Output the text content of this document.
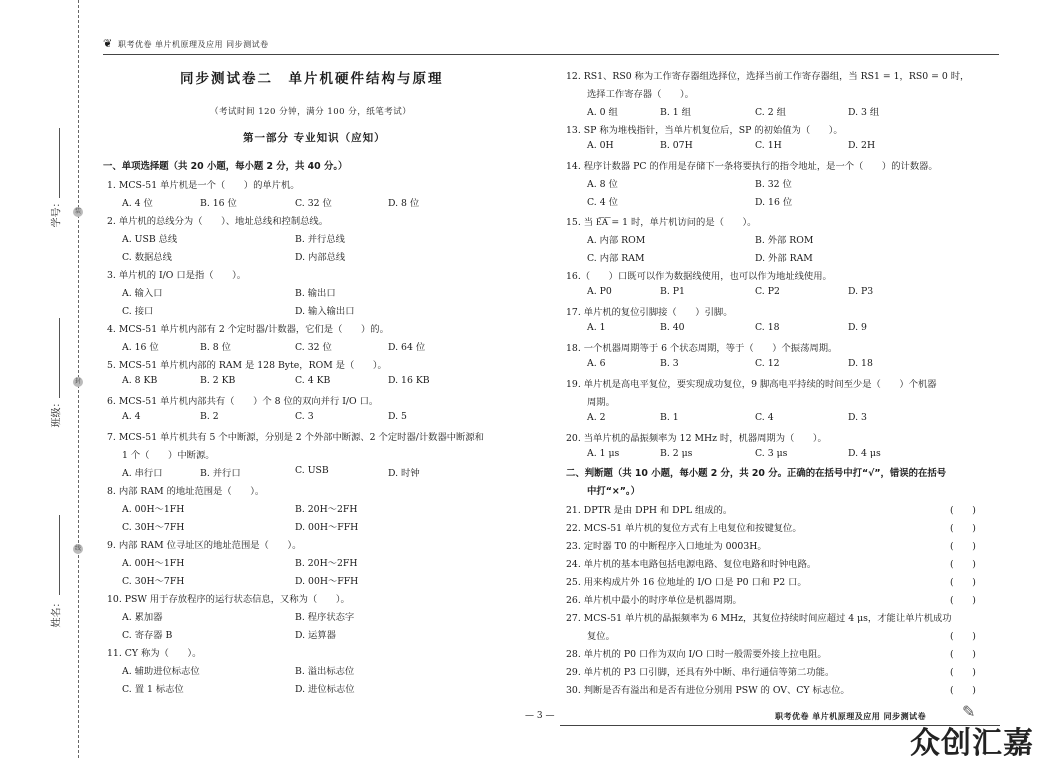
装
封
线
学号：
班级：
姓名：
❦ 职考优卷 单片机原理及应用 同步测试卷
同步测试卷二　单片机硬件结构与原理
（考试时间 120 分钟，满分 100 分，纸笔考试）
第一部分 专业知识（应知）
一、单项选择题（共 20 小题，每小题 2 分，共 40 分。）
1. MCS-51 单片机是一个（　　）的单片机。
A. 4 位	B. 16 位	C. 32 位	D. 8 位
2. 单片机的总线分为（　　）、地址总线和控制总线。
A. USB 总线	B. 并行总线
C. 数据总线	D. 内部总线
3. 单片机的 I/O 口是指（　　）。
A. 输入口	B. 输出口
C. 接口	D. 输入输出口
4. MCS-51 单片机内部有 2 个定时器/计数器，它们是（　　）的。
A. 16 位	B. 8 位	C. 32 位	D. 64 位
5. MCS-51 单片机内部的 RAM 是 128 Byte，ROM 是（　　）。
A. 8 KB	B. 2 KB	C. 4 KB	D. 16 KB
6. MCS-51 单片机内部共有（　　）个 8 位的双向并行 I/O 口。
A. 4	B. 2	C. 3	D. 5
7. MCS-51 单片机共有 5 个中断源，分别是 2 个外部中断源、2 个定时器/计数器中断源和
1 个（　　）中断源。
A. 串行口	B. 并行口	C. USB	D. 时钟
8. 内部 RAM 的地址范围是（　　）。
A. 00H～1FH	B. 20H～2FH
C. 30H～7FH	D. 00H～FFH
9. 内部 RAM 位寻址区的地址范围是（　　）。
A. 00H～1FH	B. 20H～2FH
C. 30H～7FH	D. 00H～FFH
10. PSW 用于存放程序的运行状态信息，又称为（　　）。
A. 累加器	B. 程序状态字
C. 寄存器 B	D. 运算器
11. CY 称为（　　）。
A. 辅助进位标志位	B. 溢出标志位
C. 置 1 标志位	D. 进位标志位
12. RS1、RS0 称为工作寄存器组选择位，选择当前工作寄存器组，当 RS1 = 1，RS0 = 0 时，
选择工作寄存器（　　）。
A. 0 组	B. 1 组	C. 2 组	D. 3 组
13. SP 称为堆栈指针，当单片机复位后，SP 的初始值为（　　）。
A. 0H	B. 07H	C. 1H	D. 2H
14. 程序计数器 PC 的作用是存储下一条将要执行的指令地址，是一个（　　）的计数器。
A. 8 位	B. 32 位
C. 4 位	D. 16 位
15. 当 E͞A͞ = 1 时，单片机访问的是（　　）。
A. 内部 ROM	B. 外部 ROM
C. 内部 RAM	D. 外部 RAM
16.（　　）口既可以作为数据线使用，也可以作为地址线使用。
A. P0	B. P1	C. P2	D. P3
17. 单片机的复位引脚接（　　）引脚。
A. 1	B. 40	C. 18	D. 9
18. 一个机器周期等于 6 个状态周期，等于（　　）个振荡周期。
A. 6	B. 3	C. 12	D. 18
19. 单片机是高电平复位，要实现成功复位，9 脚高电平持续的时间至少是（　　）个机器
周期。
A. 2	B. 1	C. 4	D. 3
20. 当单片机的晶振频率为 12 MHz 时，机器周期为（　　）。
A. 1 μs	B. 2 μs	C. 3 μs	D. 4 μs
二、判断题（共 10 小题，每小题 2 分，共 20 分。正确的在括号中打“√”，错误的在括号
中打“×”。）
21. DPTR 是由 DPH 和 DPL 组成的。	(　　)
22. MCS-51 单片机的复位方式有上电复位和按键复位。	(　　)
23. 定时器 T0 的中断程序入口地址为 0003H。	(　　)
24. 单片机的基本电路包括电源电路、复位电路和时钟电路。	(　　)
25. 用来构成片外 16 位地址的 I/O 口是 P0 口和 P2 口。	(　　)
26. 单片机中最小的时序单位是机器周期。	(　　)
27. MCS-51 单片机的晶振频率为 6 MHz，其复位持续时间应超过 4 μs，才能让单片机成功
复位。	(　　)
28. 单片机的 P0 口作为双向 I/O 口时一般需要外接上拉电阻。	(　　)
29. 单片机的 P3 口引脚，还具有外中断、串行通信等第二功能。	(　　)
30. 判断是否有溢出和是否有进位分别用 PSW 的 OV、CY 标志位。	(　　)
— 3 —	职考优卷 单片机原理及应用 同步测试卷 ✎
众创汇嘉
